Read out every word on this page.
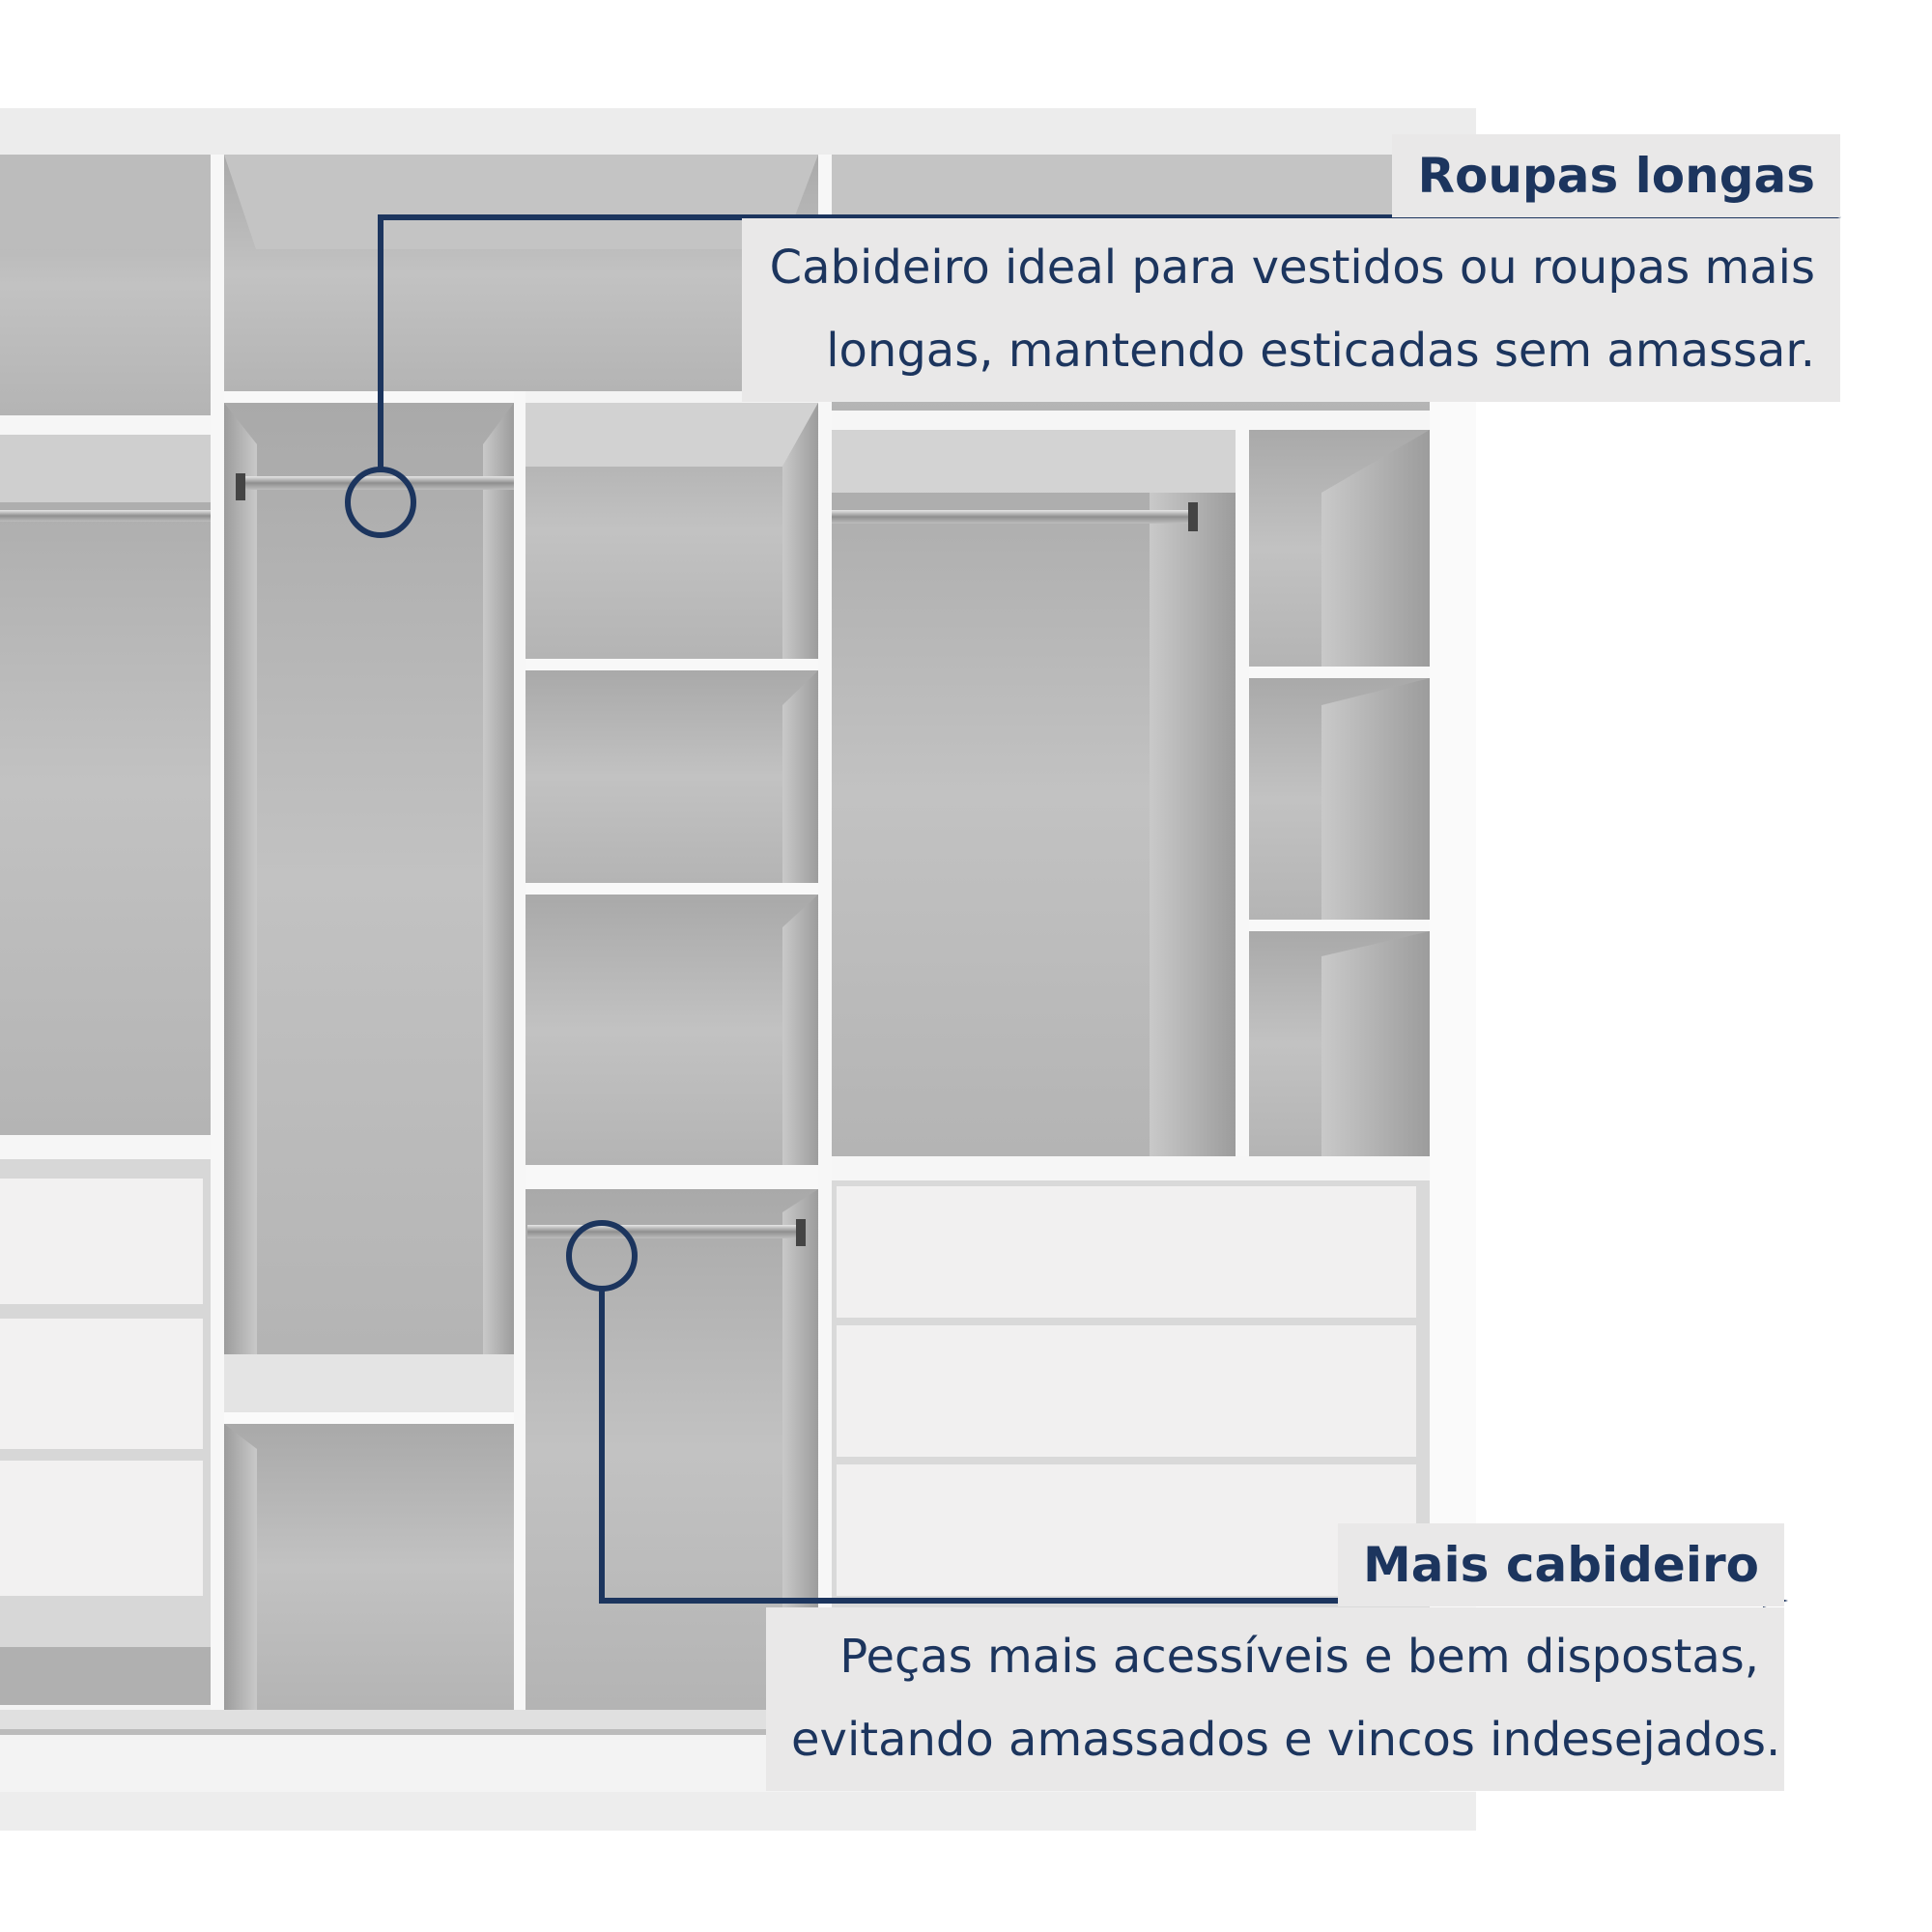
Roupas longas
Cabideiro ideal para vestidos ou roupas mais
longas, mantendo esticadas sem amassar.
Mais cabideiro
Peças mais acessíveis e bem dispostas,
evitando amassados e vincos indesejados.
